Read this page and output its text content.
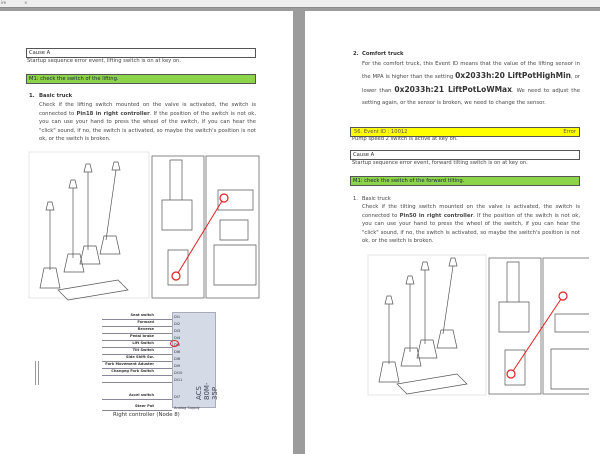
ire	×
Cause A
Startup sequence error event, lifting switch is on at key on.
M1: check the switch of the lifting.
1. Basic truck
Check if the lifting switch mounted on the valve is activated, the switch is connected to Pin18 in right controller. If the position of the switch is not ok, you can use your hand to press the wheel of the switch, if you can hear the "click" sound, if no, the switch is activated, so maybe the switch's position is not ok, or the switch is broken.
ACS 80M-35P
Seat switch	DI1
Forward	DI2
Reverse	DI3
Pedal brake	DI4
Lift Switch	DI5
Tilt Switch	DI6
Side Shift Sw.	DI8
Fork Movement Aduster	DI9
Changeg Fork Switch	DI10
DI11
Accel switch	DI7
Steer Pot	Analog Supply
Right controller (Node 8)
2. Comfort truck
For the comfort truck, this Event ID means that the value of the lifting sensor in the MPA is higher than the setting 0x2033h:20 LiftPotHighMin, or lower than 0x2033h:21 LiftPotLoWMax. We need to adjust the setting again, or the sensor is broken, we need to change the sensor.
56. Event ID : 10012	Error
Pump speed 2 switch is active at key on.
Cause A
Startup sequence error event, forward tilting switch is on at key on.
M1: check the switch of the forward tilting.
1. Basic truck
Check if the tilting switch mounted on the valve is activated, the switch is connected to Pin50 in right controller. If the position of the switch is not ok, you can use your hand to press the wheel of the switch, if you can hear the "click" sound, if no, the switch is activated, so maybe the switch's position is not ok, or the switch is broken.
